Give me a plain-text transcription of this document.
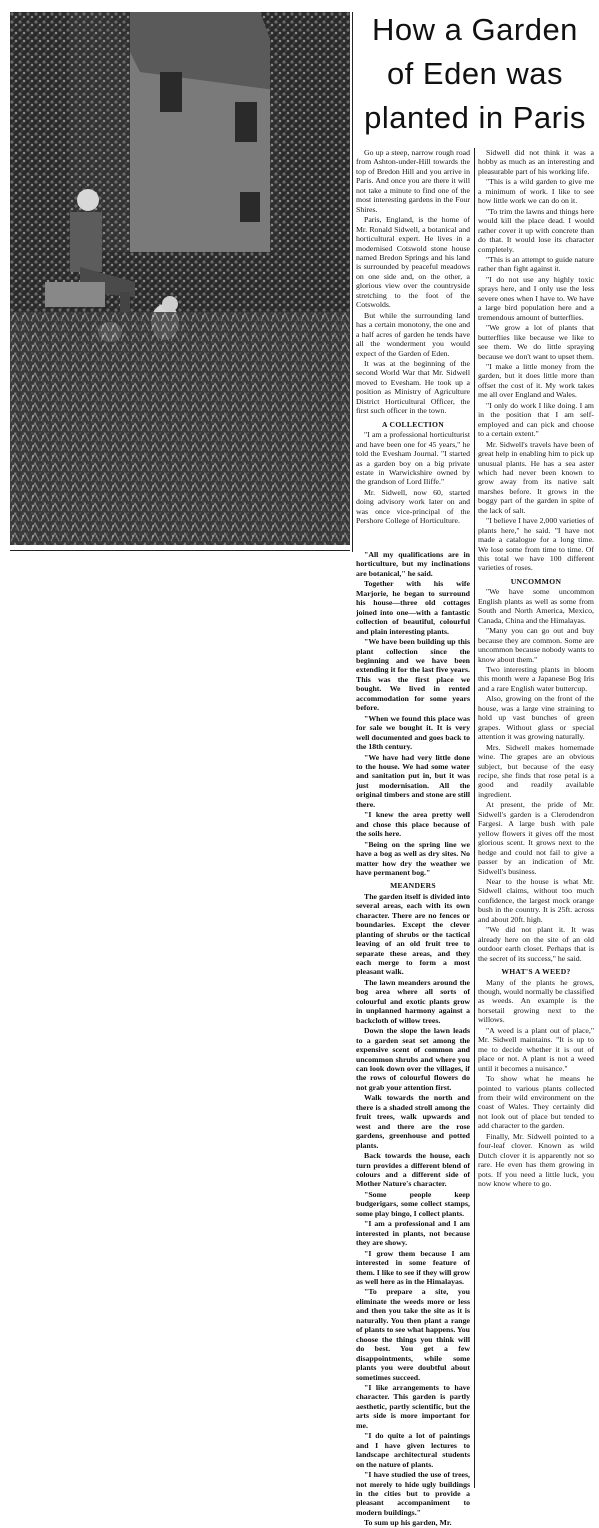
How a Garden
of Eden was
planted in Paris

Go up a steep, narrow rough road from Ashton-under-Hill towards the top of Bredon Hill and you arrive in Paris. And once you are there it will not take a minute to find one of the most interesting gardens in the Four Shires.

Paris, England, is the home of Mr. Ronald Sidwell, a botanical and horticultural expert. He lives in a modernised Cotswold stone house named Bredon Springs and his land is surrounded by peaceful meadows on one side and, on the other, a glorious view over the countryside stretching to the foot of the Cotswolds.

But while the surrounding land has a certain monotony, the one and a half acres of garden he tends have all the wonderment you would expect of the Garden of Eden.

It was at the beginning of the second World War that Mr. Sidwell moved to Evesham. He took up a position as Ministry of Agriculture District Horticultural Officer, the first such officer in the town.

A COLLECTION

"I am a professional horticulturist and have been one for 45 years," he told the Evesham Journal. "I started as a garden boy on a big private estate in Warwickshire owned by the grandson of Lord Iliffe."

Mr. Sidwell, now 60, started doing advisory work later on and was once vice-principal of the Pershore College of Horticulture.

Sidwell did not think it was a hobby as much as an interesting and pleasurable part of his working life.

"This is a wild garden to give me a minimum of work. I like to see how little work we can do on it.

"To trim the lawns and things here would kill the place dead. I would rather cover it up with concrete than do that. It would lose its character completely.

"This is an attempt to guide nature rather than fight against it.

"I do not use any highly toxic sprays here, and I only use the less severe ones when I have to. We have a large bird population here and a tremendous amount of butterflies.

"We grow a lot of plants that butterflies like because we like to see them. We do little spraying because we don't want to upset them.

"I make a little money from the garden, but it does little more than offset the cost of it. My work takes me all over England and Wales.

"I only do work I like doing. I am in the position that I am self-employed and can pick and choose to a certain extent."

Mr. Sidwell's travels have been of great help in enabling him to pick up unusual plants. He has a sea aster which had never been known to grow away from its native salt marshes before. It grows in the boggy part of the garden in spite of the lack of salt.

"I believe I have 2,000 varieties of plants here," he said. "I have not made a catalogue for a long time. We lose some from time to time. Of this total we have 100 different varieties of roses.

UNCOMMON

"We have some uncommon English plants as well as some from South and North America, Mexico, Canada, China and the Himalayas.

"Many you can go out and buy because they are common. Some are uncommon because nobody wants to know about them."

Two interesting plants in bloom this month were a Japanese Bog Iris and a rare English water buttercup.

Also, growing on the front of the house, was a large vine straining to hold up vast bunches of green grapes. Without glass or special attention it was growing naturally.

Mrs. Sidwell makes homemade wine. The grapes are an obvious subject, but because of the easy recipe, she finds that rose petal is a good and readily available ingredient.

At present, the pride of Mr. Sidwell's garden is a Clerodendron Fargesi. A large bush with pale yellow flowers it gives off the most glorious scent. It grows next to the hedge and could not fail to give a passer by an indication of Mr. Sidwell's business.

Near to the house is what Mr. Sidwell claims, without too much confidence, the largest mock orange bush in the country. It is 25ft. across and about 20ft. high.

"We did not plant it. It was already here on the site of an old outdoor earth closet. Perhaps that is the secret of its success," he said.

WHAT'S A WEED?

Many of the plants he grows, though, would normally be classified as weeds. An example is the horsetail growing next to the willows.

"A weed is a plant out of place," Mr. Sidwell maintains. "It is up to me to decide whether it is out of place or not. A plant is not a weed until it becomes a nuisance."

To show what he means he pointed to various plants collected from their wild environment on the coast of Wales. They certainly did not look out of place but tended to add character to the garden.

Finally, Mr. Sidwell pointed to a four-leaf clover. Known as wild Dutch clover it is apparently not so rare. He even has them growing in pots. If you need a little luck, you now know where to go.

"All my qualifications are in horticulture, but my inclinations are botanical," he said.

Together with his wife Marjorie, he began to surround his house—three old cottages joined into one—with a fantastic collection of beautiful, colourful and plain interesting plants.

"We have been building up this plant collection since the beginning and we have been extending it for the last five years. This was the first place we bought. We lived in rented accommodation for some years before.

"When we found this place was for sale we bought it. It is very well documented and goes back to the 18th century.

"We have had very little done to the house. We had some water and sanitation put in, but it was just modernisation. All the original timbers and stone are still there.

"I knew the area pretty well and chose this place because of the soils here.

"Being on the spring line we have a bog as well as dry sites. No matter how dry the weather we have permanent bog."

MEANDERS

The garden itself is divided into several areas, each with its own character. There are no fences or boundaries. Except the clever planting of shrubs or the tactical leaving of an old fruit tree to separate these areas, and they each merge to form a most pleasant walk.

The lawn meanders around the bog area where all sorts of colourful and exotic plants grow in unplanned harmony against a backcloth of willow trees.

Down the slope the lawn leads to a garden seat set among the expensive scent of common and uncommon shrubs and where you can look down over the villages, if the rows of colourful flowers do not grab your attention first.

Walk towards the north and there is a shaded stroll among the fruit trees, walk upwards and west and there are the rose gardens, greenhouse and potted plants.

Back towards the house, each turn provides a different blend of colours and a different side of Mother Nature's character.

"Some people keep budgerigars, some collect stamps, some play bingo, I collect plants.

"I am a professional and I am interested in plants, not because they are showy.

"I grow them because I am interested in some feature of them. I like to see if they will grow as well here as in the Himalayas.

"To prepare a site, you eliminate the weeds more or less and then you take the site as it is naturally. You then plant a range of plants to see what happens. You choose the things you think will do best. You get a few disappointments, while some plants you were doubtful about sometimes succeed.

"I like arrangements to have character. This garden is partly aesthetic, partly scientific, but the arts side is more important for me.

"I do quite a lot of paintings and I have given lectures to landscape architectural students on the nature of plants.

"I have studied the use of trees, not merely to hide ugly buildings in the cities but to provide a pleasant accompaniment to modern buildings."

To sum up his garden, Mr.
